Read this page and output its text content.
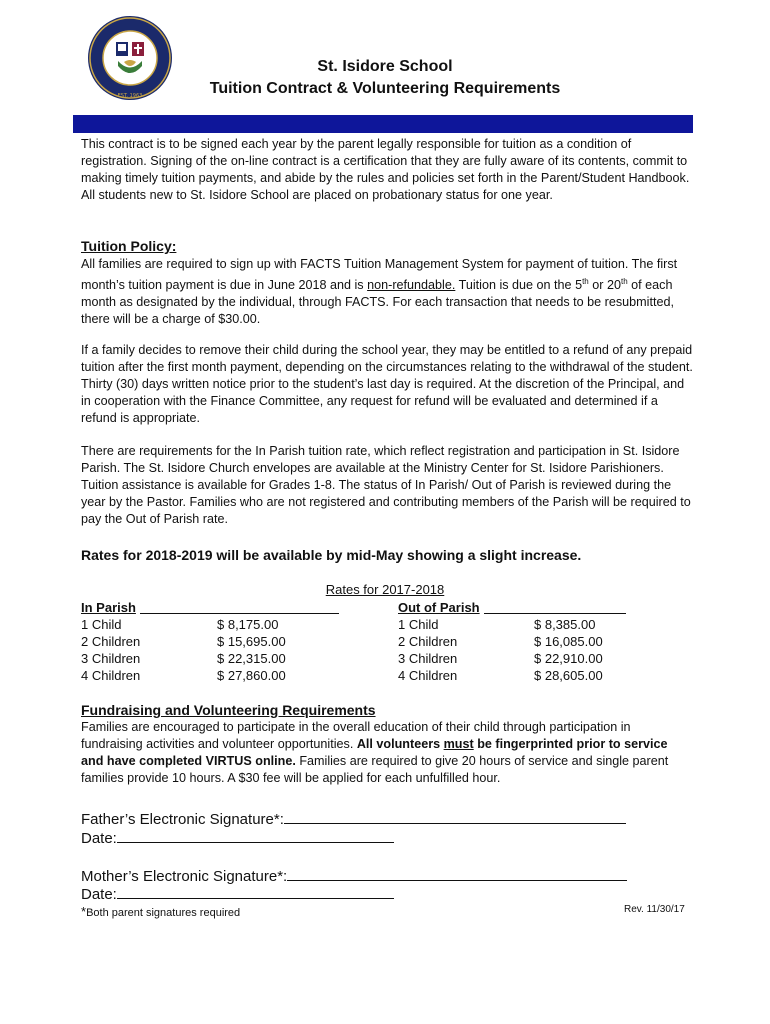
EST. 1963
St. Isidore School
Tuition Contract & Volunteering Requirements
This contract is to be signed each year by the parent legally responsible for tuition as a condition of registration. Signing of the on-line contract is a certification that they are fully aware of its contents, commit to making timely tuition payments, and abide by the rules and policies set forth in the Parent/Student Handbook. All students new to St. Isidore School are placed on probationary status for one year.
Tuition Policy:
All families are required to sign up with FACTS Tuition Management System for payment of tuition. The first month’s tuition payment is due in June 2018 and is non-refundable. Tuition is due on the 5th or 20th of each month as designated by the individual, through FACTS. For each transaction that needs to be resubmitted, there will be a charge of $30.00.
If a family decides to remove their child during the school year, they may be entitled to a refund of any prepaid tuition after the first month payment, depending on the circumstances relating to the withdrawal of the student. Thirty (30) days written notice prior to the student’s last day is required. At the discretion of the Principal, and in cooperation with the Finance Committee, any request for refund will be evaluated and determined if a refund is appropriate.
There are requirements for the In Parish tuition rate, which reflect registration and participation in St. Isidore Parish. The St. Isidore Church envelopes are available at the Ministry Center for St. Isidore Parishioners. Tuition assistance is available for Grades 1-8. The status of In Parish/ Out of Parish is reviewed during the year by the Pastor. Families who are not registered and contributing members of the Parish will be required to pay the Out of Parish rate.
Rates for 2018-2019 will be available by mid-May showing a slight increase.
Rates for 2017-2018
In Parish
1 Child	$ 8,175.00
2 Children	$ 15,695.00
3 Children	$ 22,315.00
4 Children	$ 27,860.00
Out of Parish
1 Child	$ 8,385.00
2 Children	$ 16,085.00
3 Children	$ 22,910.00
4 Children	$ 28,605.00
Fundraising and Volunteering Requirements
Families are encouraged to participate in the overall education of their child through participation in fundraising activities and volunteer opportunities. All volunteers must be fingerprinted prior to service and have completed VIRTUS online. Families are required to give 20 hours of service and single parent families provide 10 hours. A $30 fee will be applied for each unfulfilled hour.
Father’s Electronic Signature*:
Date:
Mother’s Electronic Signature*:
Date:
*Both parent signatures required	Rev. 11/30/17
